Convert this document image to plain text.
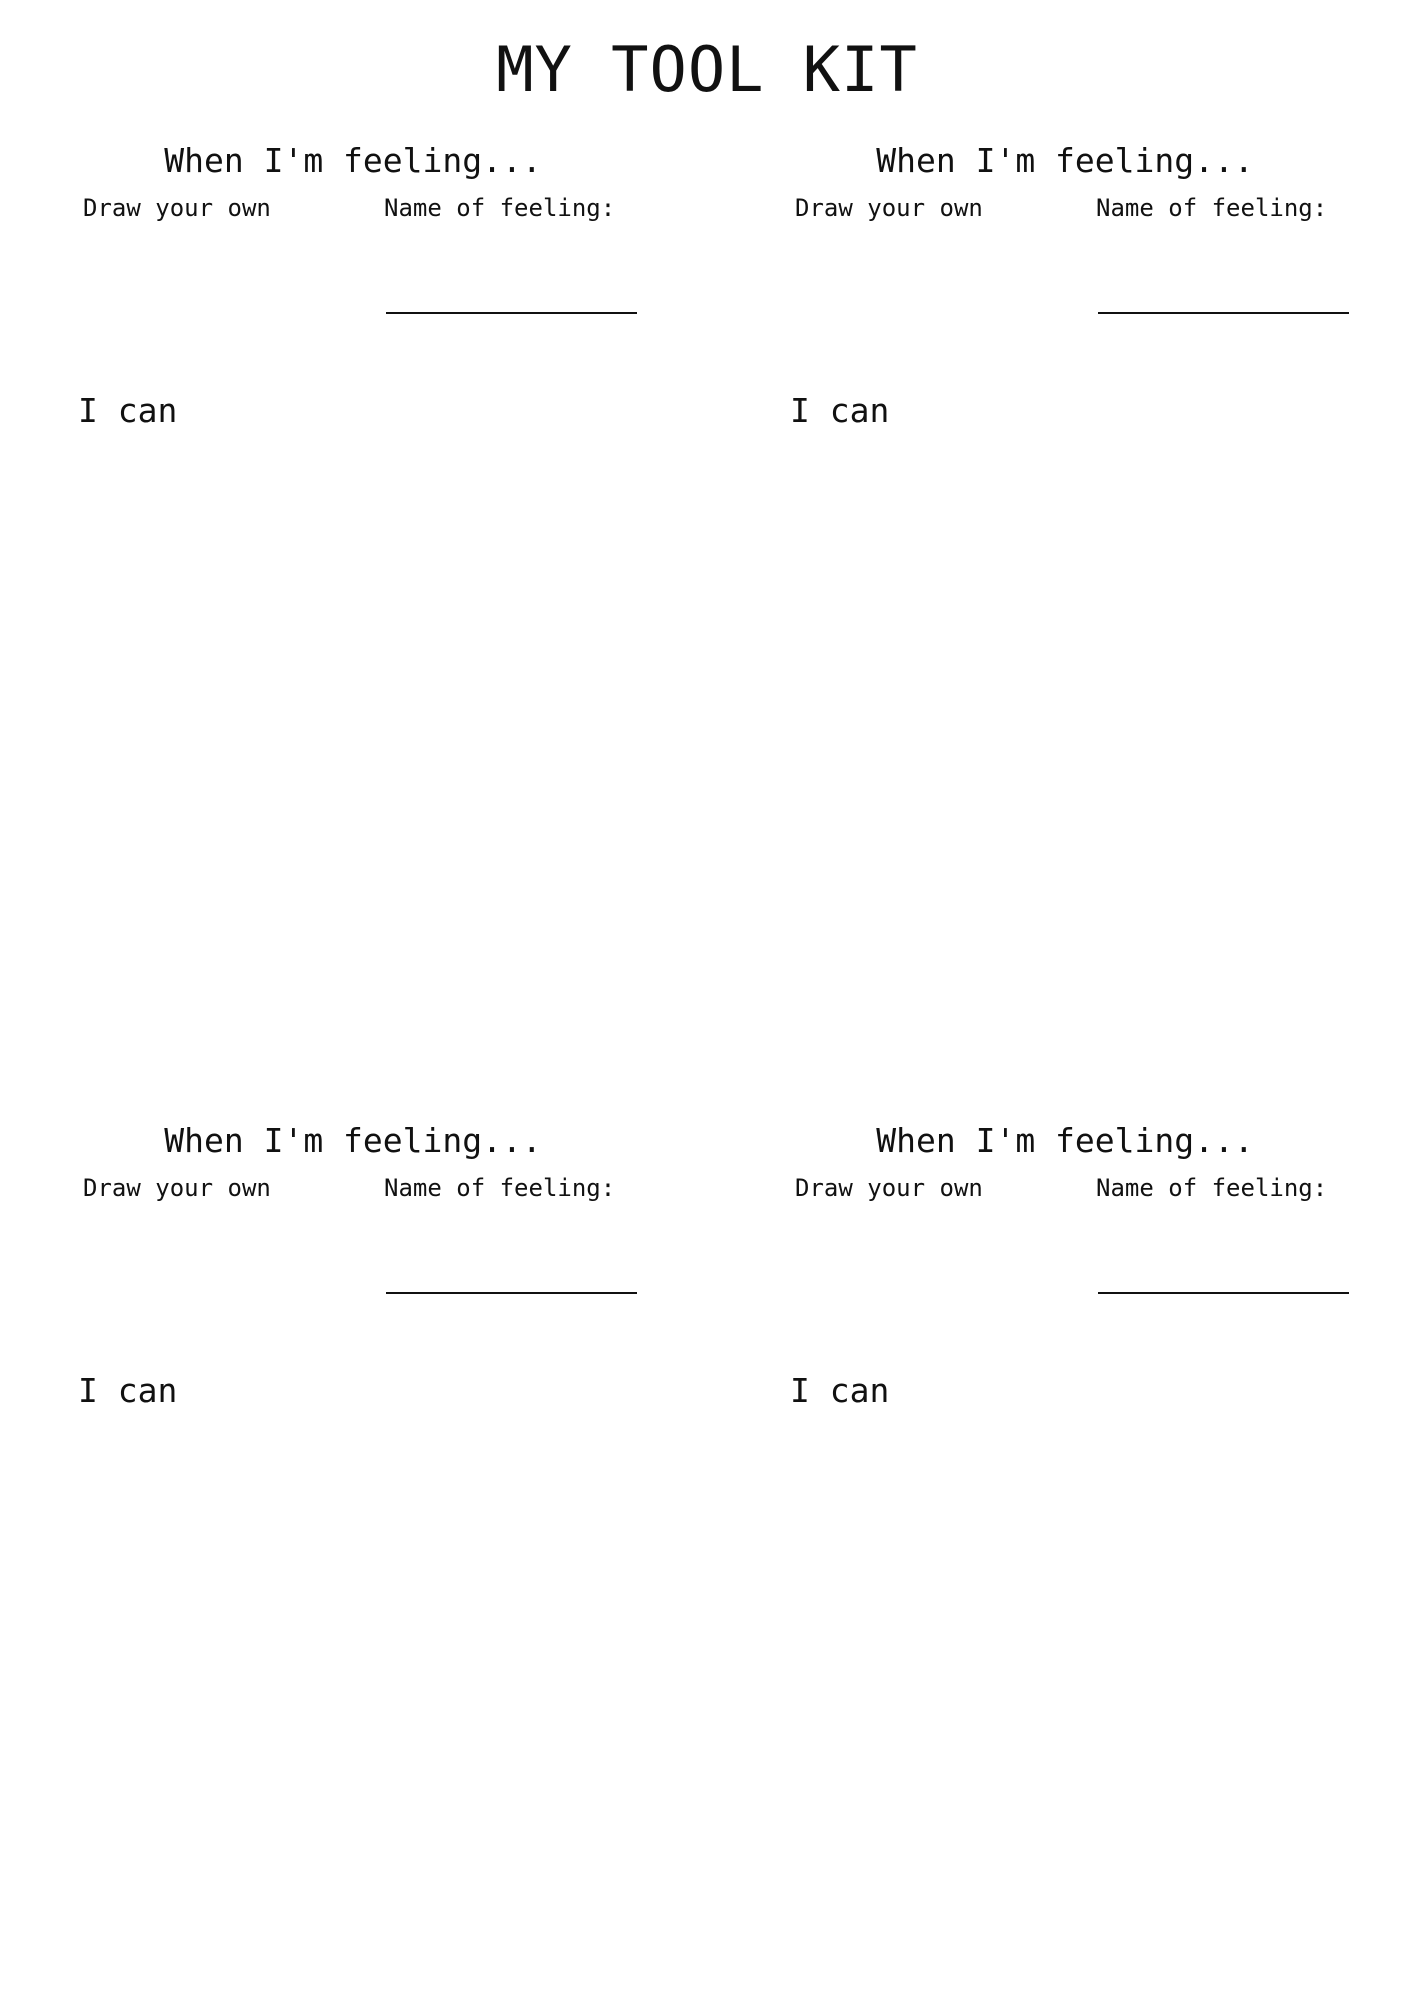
MY TOOL KIT
When I'm feeling...
Draw your own	Name of feeling:
I can
When I'm feeling...
Draw your own	Name of feeling:
I can
When I'm feeling...
Draw your own	Name of feeling:
I can
When I'm feeling...
Draw your own	Name of feeling:
I can
